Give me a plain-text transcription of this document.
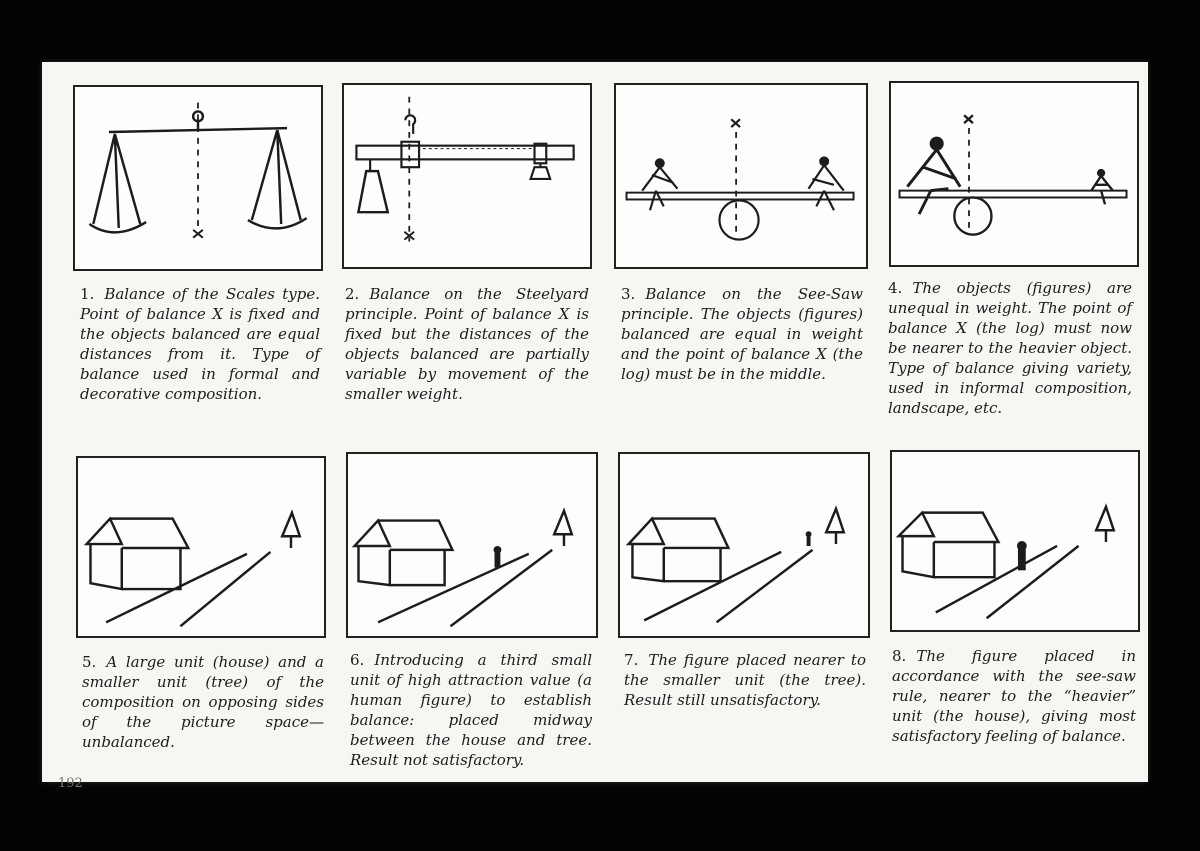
1. Balance of the Scales type. Point of balance X is fixed and the objects balanced are equal distances from it. Type of balance used in formal and decorative composition.
2. Balance on the Steelyard principle. Point of balance X is fixed but the distances of the objects balanced are partially variable by movement of the smaller weight.
3. Balance on the See-Saw principle. The objects (figures) balanced are equal in weight and the point of balance X (the log) must be in the middle.
4. The objects (figures) are unequal in weight. The point of balance X (the log) must now be nearer to the heavier object. Type of balance giving variety, used in informal composition, landscape, etc.
5. A large unit (house) and a smaller unit (tree) of the composition on opposing sides of the picture space—unbalanced.
6. Introducing a third small unit of high attraction value (a human figure) to establish balance: placed midway between the house and tree. Result not satisfactory.
7. The figure placed nearer to the smaller unit (the tree). Result still unsatisfactory.
8. The figure placed in accordance with the see-saw rule, nearer to the “heavier” unit (the house), giving most satisfactory feeling of balance.
192
